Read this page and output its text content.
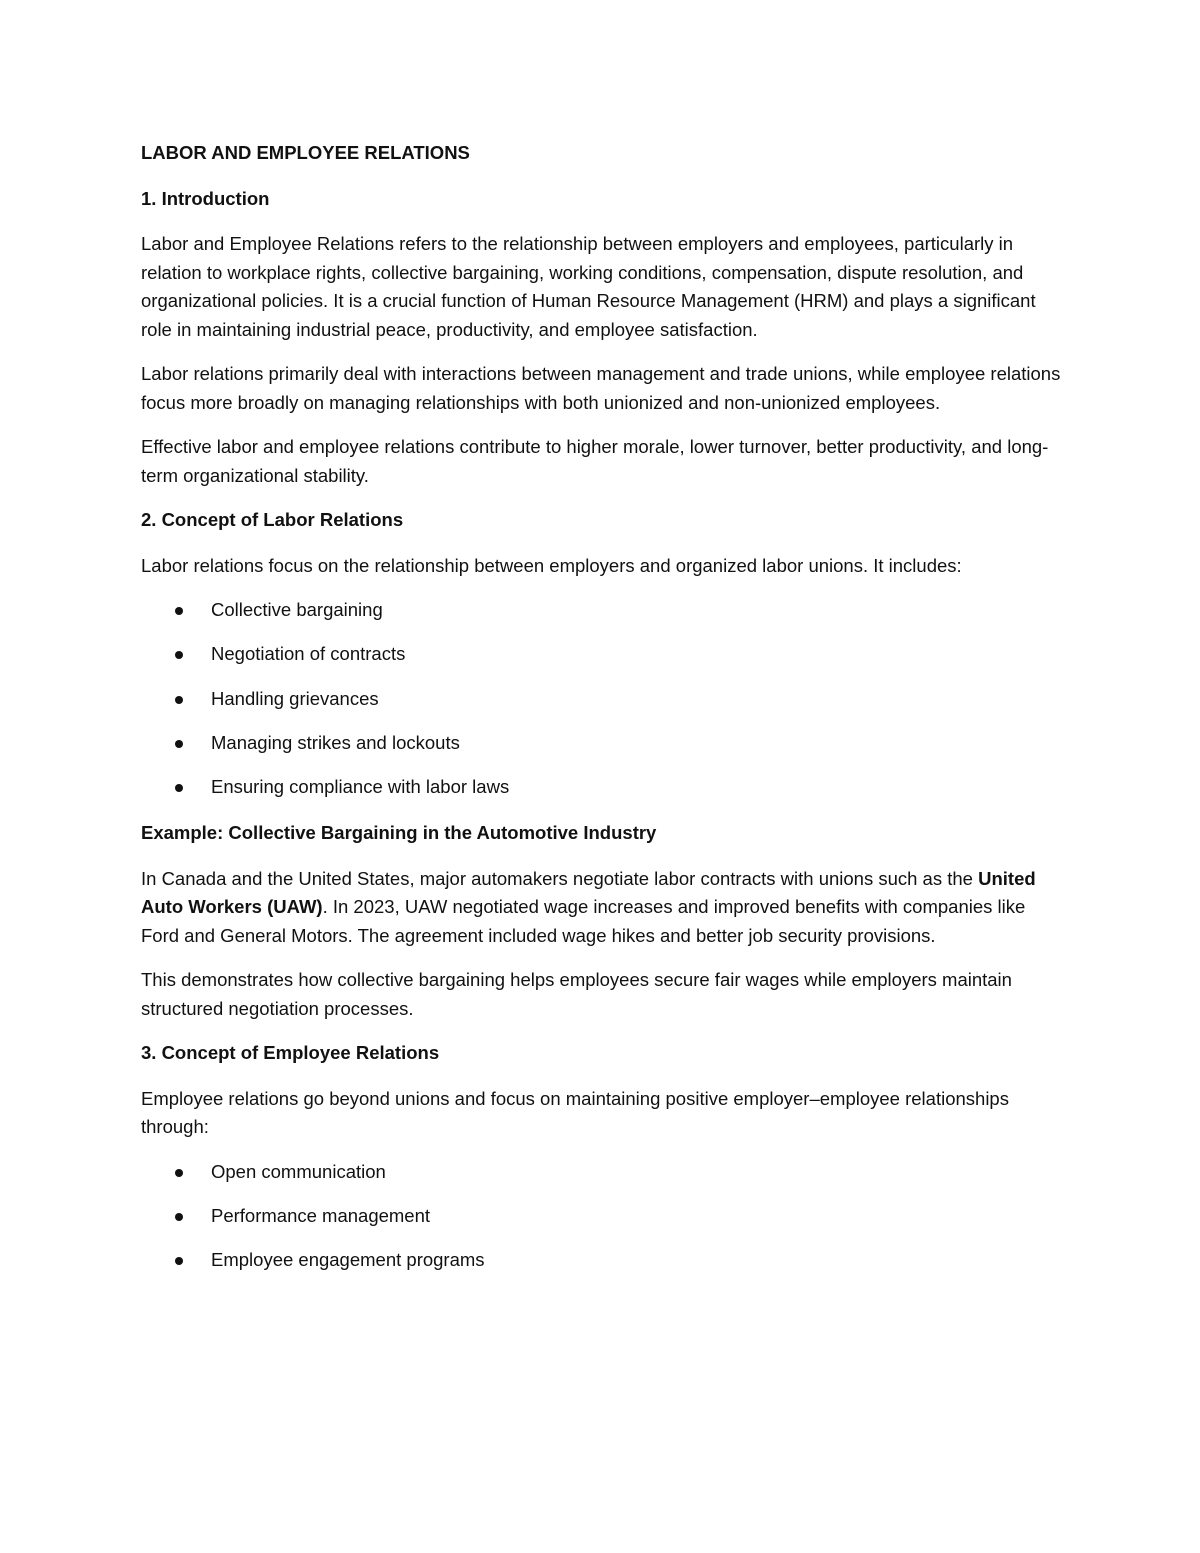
LABOR AND EMPLOYEE RELATIONS

1. Introduction

Labor and Employee Relations refers to the relationship between employers and employees, particularly in relation to workplace rights, collective bargaining, working conditions, compensation, dispute resolution, and organizational policies. It is a crucial function of Human Resource Management (HRM) and plays a significant role in maintaining industrial peace, productivity, and employee satisfaction.

Labor relations primarily deal with interactions between management and trade unions, while employee relations focus more broadly on managing relationships with both unionized and non-unionized employees.

Effective labor and employee relations contribute to higher morale, lower turnover, better productivity, and long-term organizational stability.

2. Concept of Labor Relations

Labor relations focus on the relationship between employers and organized labor unions. It includes:

Collective bargaining
Negotiation of contracts
Handling grievances
Managing strikes and lockouts
Ensuring compliance with labor laws

Example: Collective Bargaining in the Automotive Industry

In Canada and the United States, major automakers negotiate labor contracts with unions such as the United Auto Workers (UAW). In 2023, UAW negotiated wage increases and improved benefits with companies like Ford and General Motors. The agreement included wage hikes and better job security provisions.

This demonstrates how collective bargaining helps employees secure fair wages while employers maintain structured negotiation processes.

3. Concept of Employee Relations

Employee relations go beyond unions and focus on maintaining positive employer–employee relationships through:

Open communication
Performance management
Employee engagement programs
